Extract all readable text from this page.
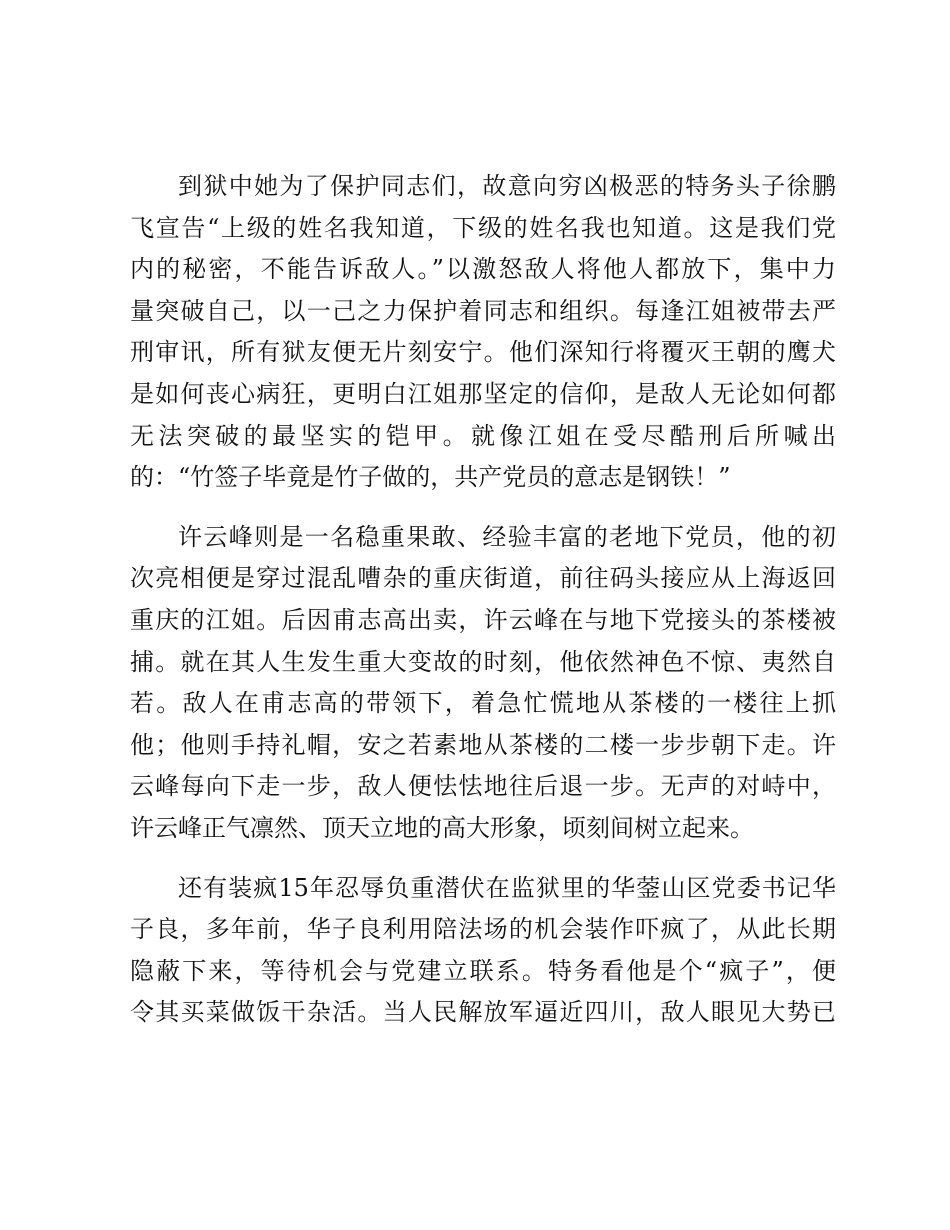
到狱中她为了保护同志们，故意向穷凶极恶的特务头子徐鹏
飞宣告“上级的姓名我知道，下级的姓名我也知道。这是我们党
内的秘密，不能告诉敌人。”以激怒敌人将他人都放下，集中力
量突破自己，以一己之力保护着同志和组织。每逢江姐被带去严
刑审讯，所有狱友便无片刻安宁。他们深知行将覆灭王朝的鹰犬
是如何丧心病狂，更明白江姐那坚定的信仰，是敌人无论如何都
无法突破的最坚实的铠甲。就像江姐在受尽酷刑后所喊出
的：“竹签子毕竟是竹子做的，共产党员的意志是钢铁！”
许云峰则是一名稳重果敢、经验丰富的老地下党员，他的初
次亮相便是穿过混乱嘈杂的重庆街道，前往码头接应从上海返回
重庆的江姐。后因甫志高出卖，许云峰在与地下党接头的茶楼被
捕。就在其人生发生重大变故的时刻，他依然神色不惊、夷然自
若。敌人在甫志高的带领下，着急忙慌地从茶楼的一楼往上抓
他；他则手持礼帽，安之若素地从茶楼的二楼一步步朝下走。许
云峰每向下走一步，敌人便怯怯地往后退一步。无声的对峙中，
许云峰正气凛然、顶天立地的高大形象，顷刻间树立起来。
还有装疯15年忍辱负重潜伏在监狱里的华蓥山区党委书记华
子良，多年前，华子良利用陪法场的机会装作吓疯了，从此长期
隐蔽下来，等待机会与党建立联系。特务看他是个“疯子”，便
令其买菜做饭干杂活。当人民解放军逼近四川，敌人眼见大势已
